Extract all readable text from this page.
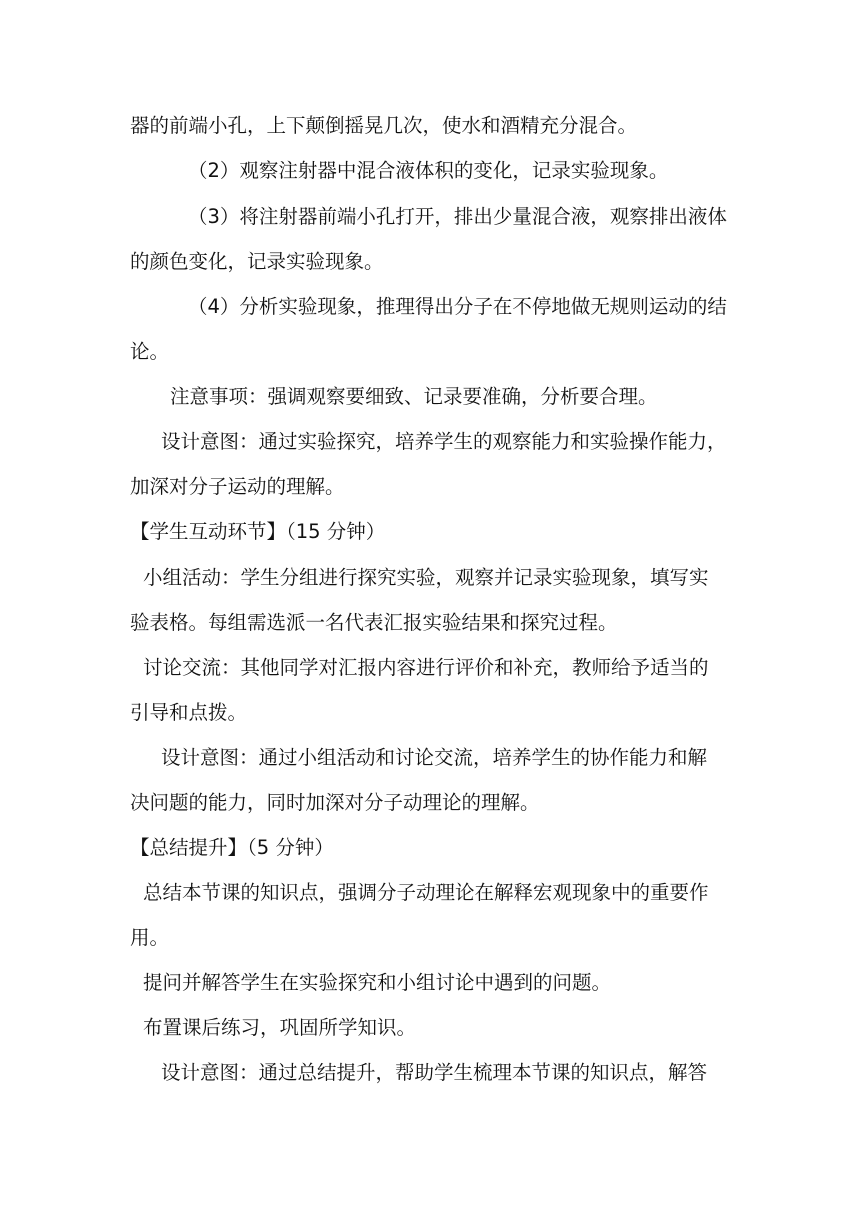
器的前端小孔，上下颠倒摇晃几次，使水和酒精充分混合。
（2）观察注射器中混合液体积的变化，记录实验现象。
（3）将注射器前端小孔打开，排出少量混合液，观察排出液体
的颜色变化，记录实验现象。
（4）分析实验现象，推理得出分子在不停地做无规则运动的结
论。
注意事项：强调观察要细致、记录要准确，分析要合理。
设计意图：通过实验探究，培养学生的观察能力和实验操作能力，
加深对分子运动的理解。
【学生互动环节】（15 分钟）
小组活动：学生分组进行探究实验，观察并记录实验现象，填写实
验表格。每组需选派一名代表汇报实验结果和探究过程。
讨论交流：其他同学对汇报内容进行评价和补充，教师给予适当的
引导和点拨。
设计意图：通过小组活动和讨论交流，培养学生的协作能力和解
决问题的能力，同时加深对分子动理论的理解。
【总结提升】（5 分钟）
总结本节课的知识点，强调分子动理论在解释宏观现象中的重要作
用。
提问并解答学生在实验探究和小组讨论中遇到的问题。
布置课后练习，巩固所学知识。
设计意图：通过总结提升，帮助学生梳理本节课的知识点，解答
